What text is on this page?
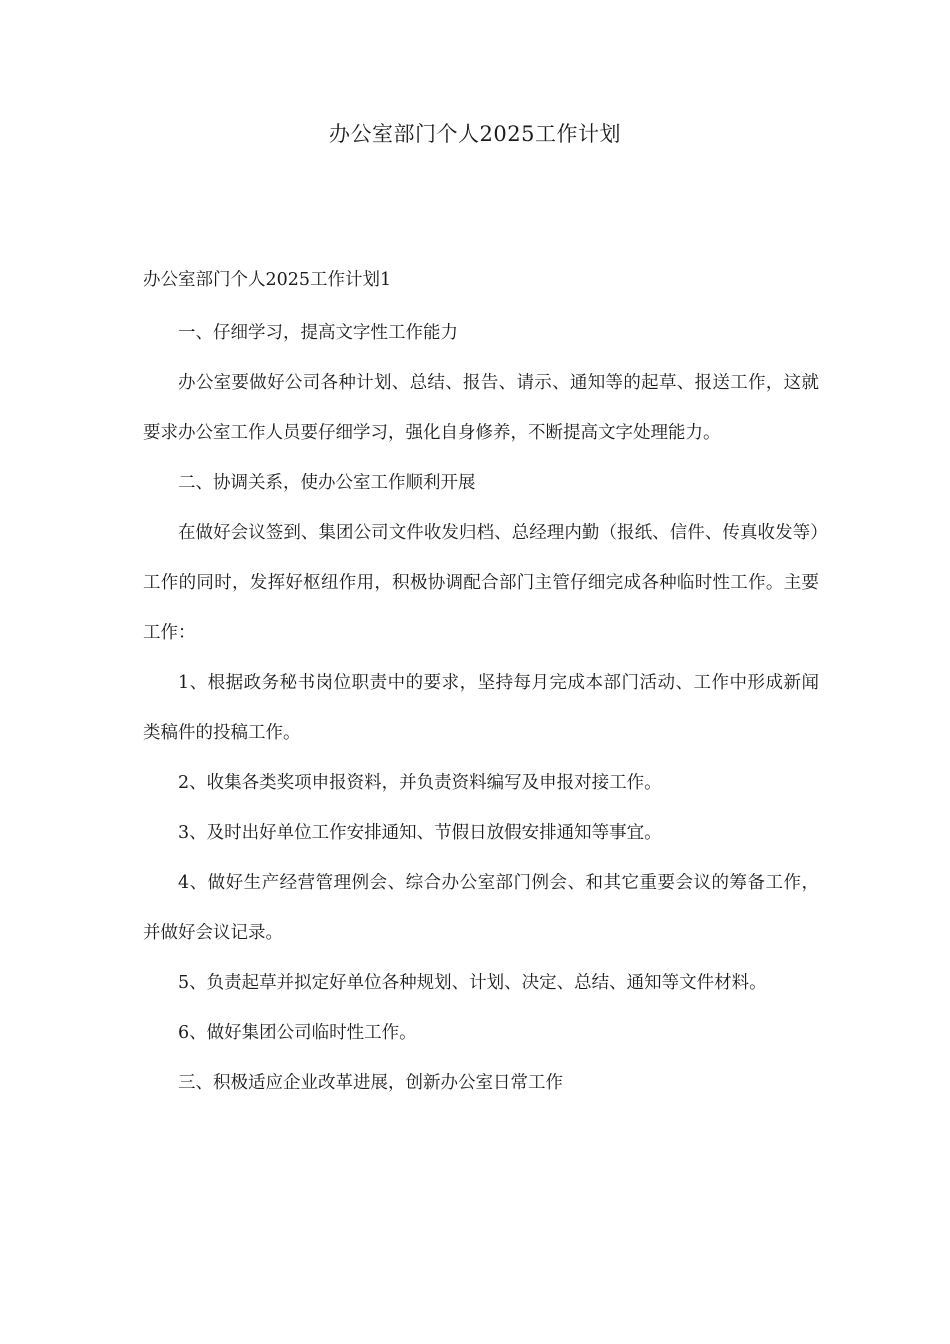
办公室部门个人2025工作计划
办公室部门个人2025工作计划1

一、仔细学习，提高文字性工作能力

办公室要做好公司各种计划、总结、报告、请示、通知等的起草、报送工作，这就要求办公室工作人员要仔细学习，强化自身修养，不断提高文字处理能力。

二、协调关系，使办公室工作顺利开展

在做好会议签到、集团公司文件收发归档、总经理内勤（报纸、信件、传真收发等）工作的同时，发挥好枢纽作用，积极协调配合部门主管仔细完成各种临时性工作。主要工作：

1、根据政务秘书岗位职责中的要求，坚持每月完成本部门活动、工作中形成新闻类稿件的投稿工作。

2、收集各类奖项申报资料，并负责资料编写及申报对接工作。

3、及时出好单位工作安排通知、节假日放假安排通知等事宜。

4、做好生产经营管理例会、综合办公室部门例会、和其它重要会议的筹备工作，并做好会议记录。

5、负责起草并拟定好单位各种规划、计划、决定、总结、通知等文件材料。

6、做好集团公司临时性工作。

三、积极适应企业改革进展，创新办公室日常工作
